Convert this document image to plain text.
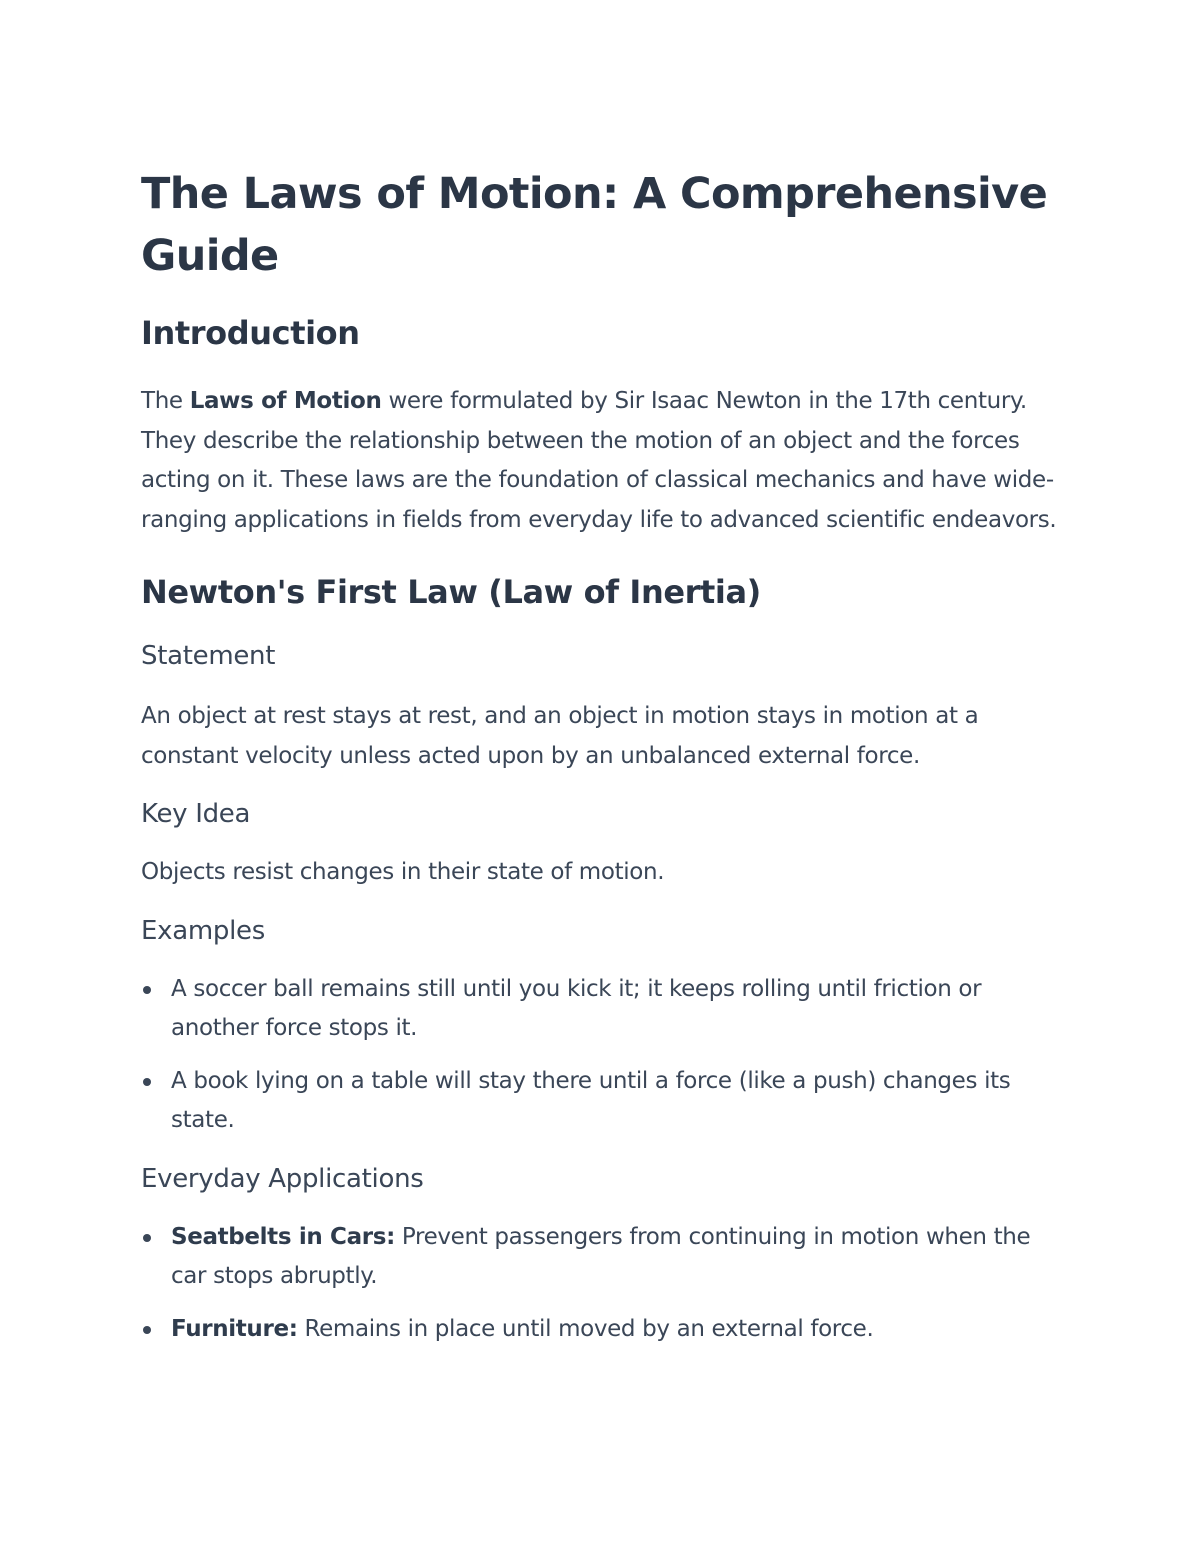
The Laws of Motion: A Comprehensive Guide
Introduction

The Laws of Motion were formulated by Sir Isaac Newton in the 17th century. They describe the relationship between the motion of an object and the forces acting on it. These laws are the foundation of classical mechanics and have wide-ranging applications in fields from everyday life to advanced scientific endeavors.

Newton's First Law (Law of Inertia)
Statement

An object at rest stays at rest, and an object in motion stays in motion at a constant velocity unless acted upon by an unbalanced external force.

Key Idea

Objects resist changes in their state of motion.

Examples
A soccer ball remains still until you kick it; it keeps rolling until friction or another force stops it.
A book lying on a table will stay there until a force (like a push) changes its state.
Everyday Applications
Seatbelts in Cars: Prevent passengers from continuing in motion when the car stops abruptly.
Furniture: Remains in place until moved by an external force.
